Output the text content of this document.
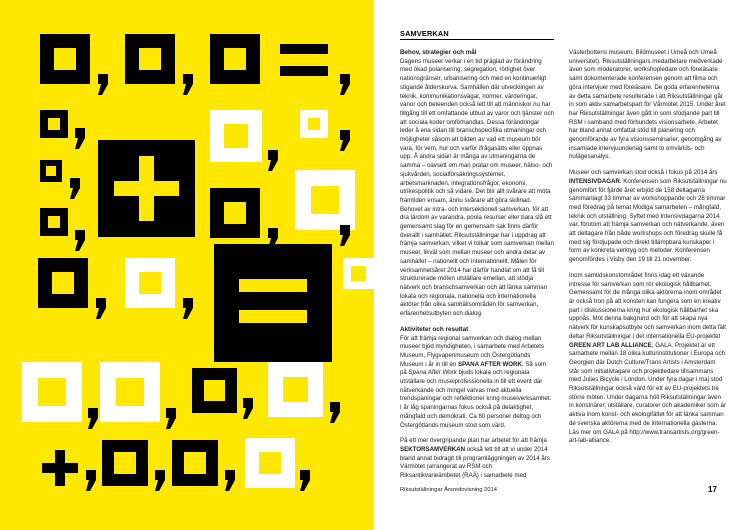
SAMVERKAN
Behov, strategier och mål

Dagens museer verkar i en tid präglad av förändring med ökad polarisering, segregation, rörlighet över nationsgränser, urbanisering och med en kontinuerligt stigande ålderskurva. Samhällen där utvecklingen av teknik, kommunikationsvägar, normer, värderingar, vanor och beteenden också lett till att människor nu har tillgång till ett omfattande utbud av varor och tjänster och att sociala koder omförhandlas. Dessa förändringar leder å ena sidan till branschspecifika utmaningar och möjligheter såsom att bilden av vad ett museum bör vara, för vem, hur och varför ifrågasätts eller öppnas upp. Å andra sidan är många av utmaningarna de samma – oavsett om man pratar om museer, hälso- och sjukvården, socialförsäkringssystemet, arbetsmarknaden, integrationsfrågor, ekonomi, utrikespolitik och så vidare. Det blir allt svårare att möta framtiden ensam, ännu svårare att göra skillnad. Behovet av intra- och intersektionell samverkan, för att dra lärdom av varandra, poola resurser eller bara slå ett gemensamt slag för en gemensam sak finns därför överallt i samhället. Riksutställningar har i uppdrag att främja samverkan, vilket vi tolkar som samverkan mellan museer, likväl som mellan museer och andra delar av samhället – nationellt och internationellt. Målen för verksamhetsåret 2014 har därför handlat om att få till strukturerade möten utställare emellan, att stödja nätverk och branschsamverkan och att länka samman lokala och regionala, nationella och internationella aktörer från olika samhällsområden för samverkan, erfarenhetsutbyten och dialog.

Aktiviteter och resultat

För att främja regional samverkan och dialog mellan museer bjöd myndigheten, i samarbete med Arbetets Museum, Flygvapenmuseum och Östergötlands Museum i år in till en SPANA AFTER WORK. Så som på Spana After Work bjuds lokala och regionala utställare och museiprofessionella in till ett event där nätverkande och mingel varvas med aktuella trendspaningar och reflektioner kring museiverksamhet. I år låg spaningarnas fokus också på delaktighet, mångfald och demokrati. Ca 80 personer deltog och Östergötlands museum stod som värd.

På ett mer övergripande plan har arbetet för att främja SEKTORSAMVERKAN också lett till att vi under 2014 bland annat bidragit till programläggningen av 2014 års Värmötet (arrangerat av RSM och Riksantikvarieämbetet (RAÄ) i samarbete med

Västerbottens museum, Bildmuseet i Umeå och Umeå universitet). Riksutställningars medarbetare medverkade även som moderatorer, workshopledare och föreläsare samt dokumenterade konferensen genom att filma och göra intervjuer med föreläsare. De goda erfarenheterna av detta samarbete resulterade i att Riksutställningar går in som aktiv samarbetspart för Vårmötet 2015. Under året har Riksutställningar även gått in som stödjande part till RSM i samband med förbundets visionsarbete. Arbetet har bland annat omfattat stöd till planering och genomförande av fyra visionsseminarier, genomgång av insamlade intervjuunderlag samt to omvärlds- och nulägesanalys.

Museer och samverkan stod också i fokus på 2014 års INTENSIVDAGAR. Konferensen som Riksutställningar nu genomfört för fjärde året erbjöd de 158 deltagarna sammanlagt 33 timmar av workshoppande och 28 timmar med föredrag på temat Modiga samarbeten – mångfald, teknik och utställning. Syftet med Intensivdagarna 2014 var, förutom att främja samverkan och nätverkande, även att deltagare från både workshops och föredrag skulle få med sig fördjupade och direkt tillämpbara kunskaper i form av konkreta verktyg och metoder. Konferensen genomfördes i Visby den 19 till 21 november.

Inom samtidskonstområdet finns idag ett växande intresse för samverkan som rör ekologisk hållbarhet. Gemensamt för de många olika aktörerna inom området är också tron på att konsten kan fungera som en kreativ part i diskussionerna kring hur ekologisk hållbarhet ska uppnås. Mot denna bakgrund och för att skapa nya nätverk för kunskapsutbyte och samverkan inom detta fält deltar Riksutställningar i det internationella EU-projektet GREEN ART LAB ALLIANCE, GALA. Projektet är ett samarbete mellan 18 olika kulturinstitutioner i Europa och Georgien där Dutch Culture/Trans Artists i Amsterdam står som initiativtagare och projektledare tillsammans med Julies Bicycle i London. Under fyra dagar i maj stod Riksutställningar också värd för ett av EU-projektets tre större möten. Under dagarna höll Riksutställningar även in konstnärer, utställare, curatorer och akademiker som är aktiva inom konst- och ekologifältet för att länka samman de svenska aktörerna med de internationella gästerna. Läs mer om GALA på http://www.transartists.org/green-art-lab-alliance.

Riksutställningar Årsredovisning 2014	17
